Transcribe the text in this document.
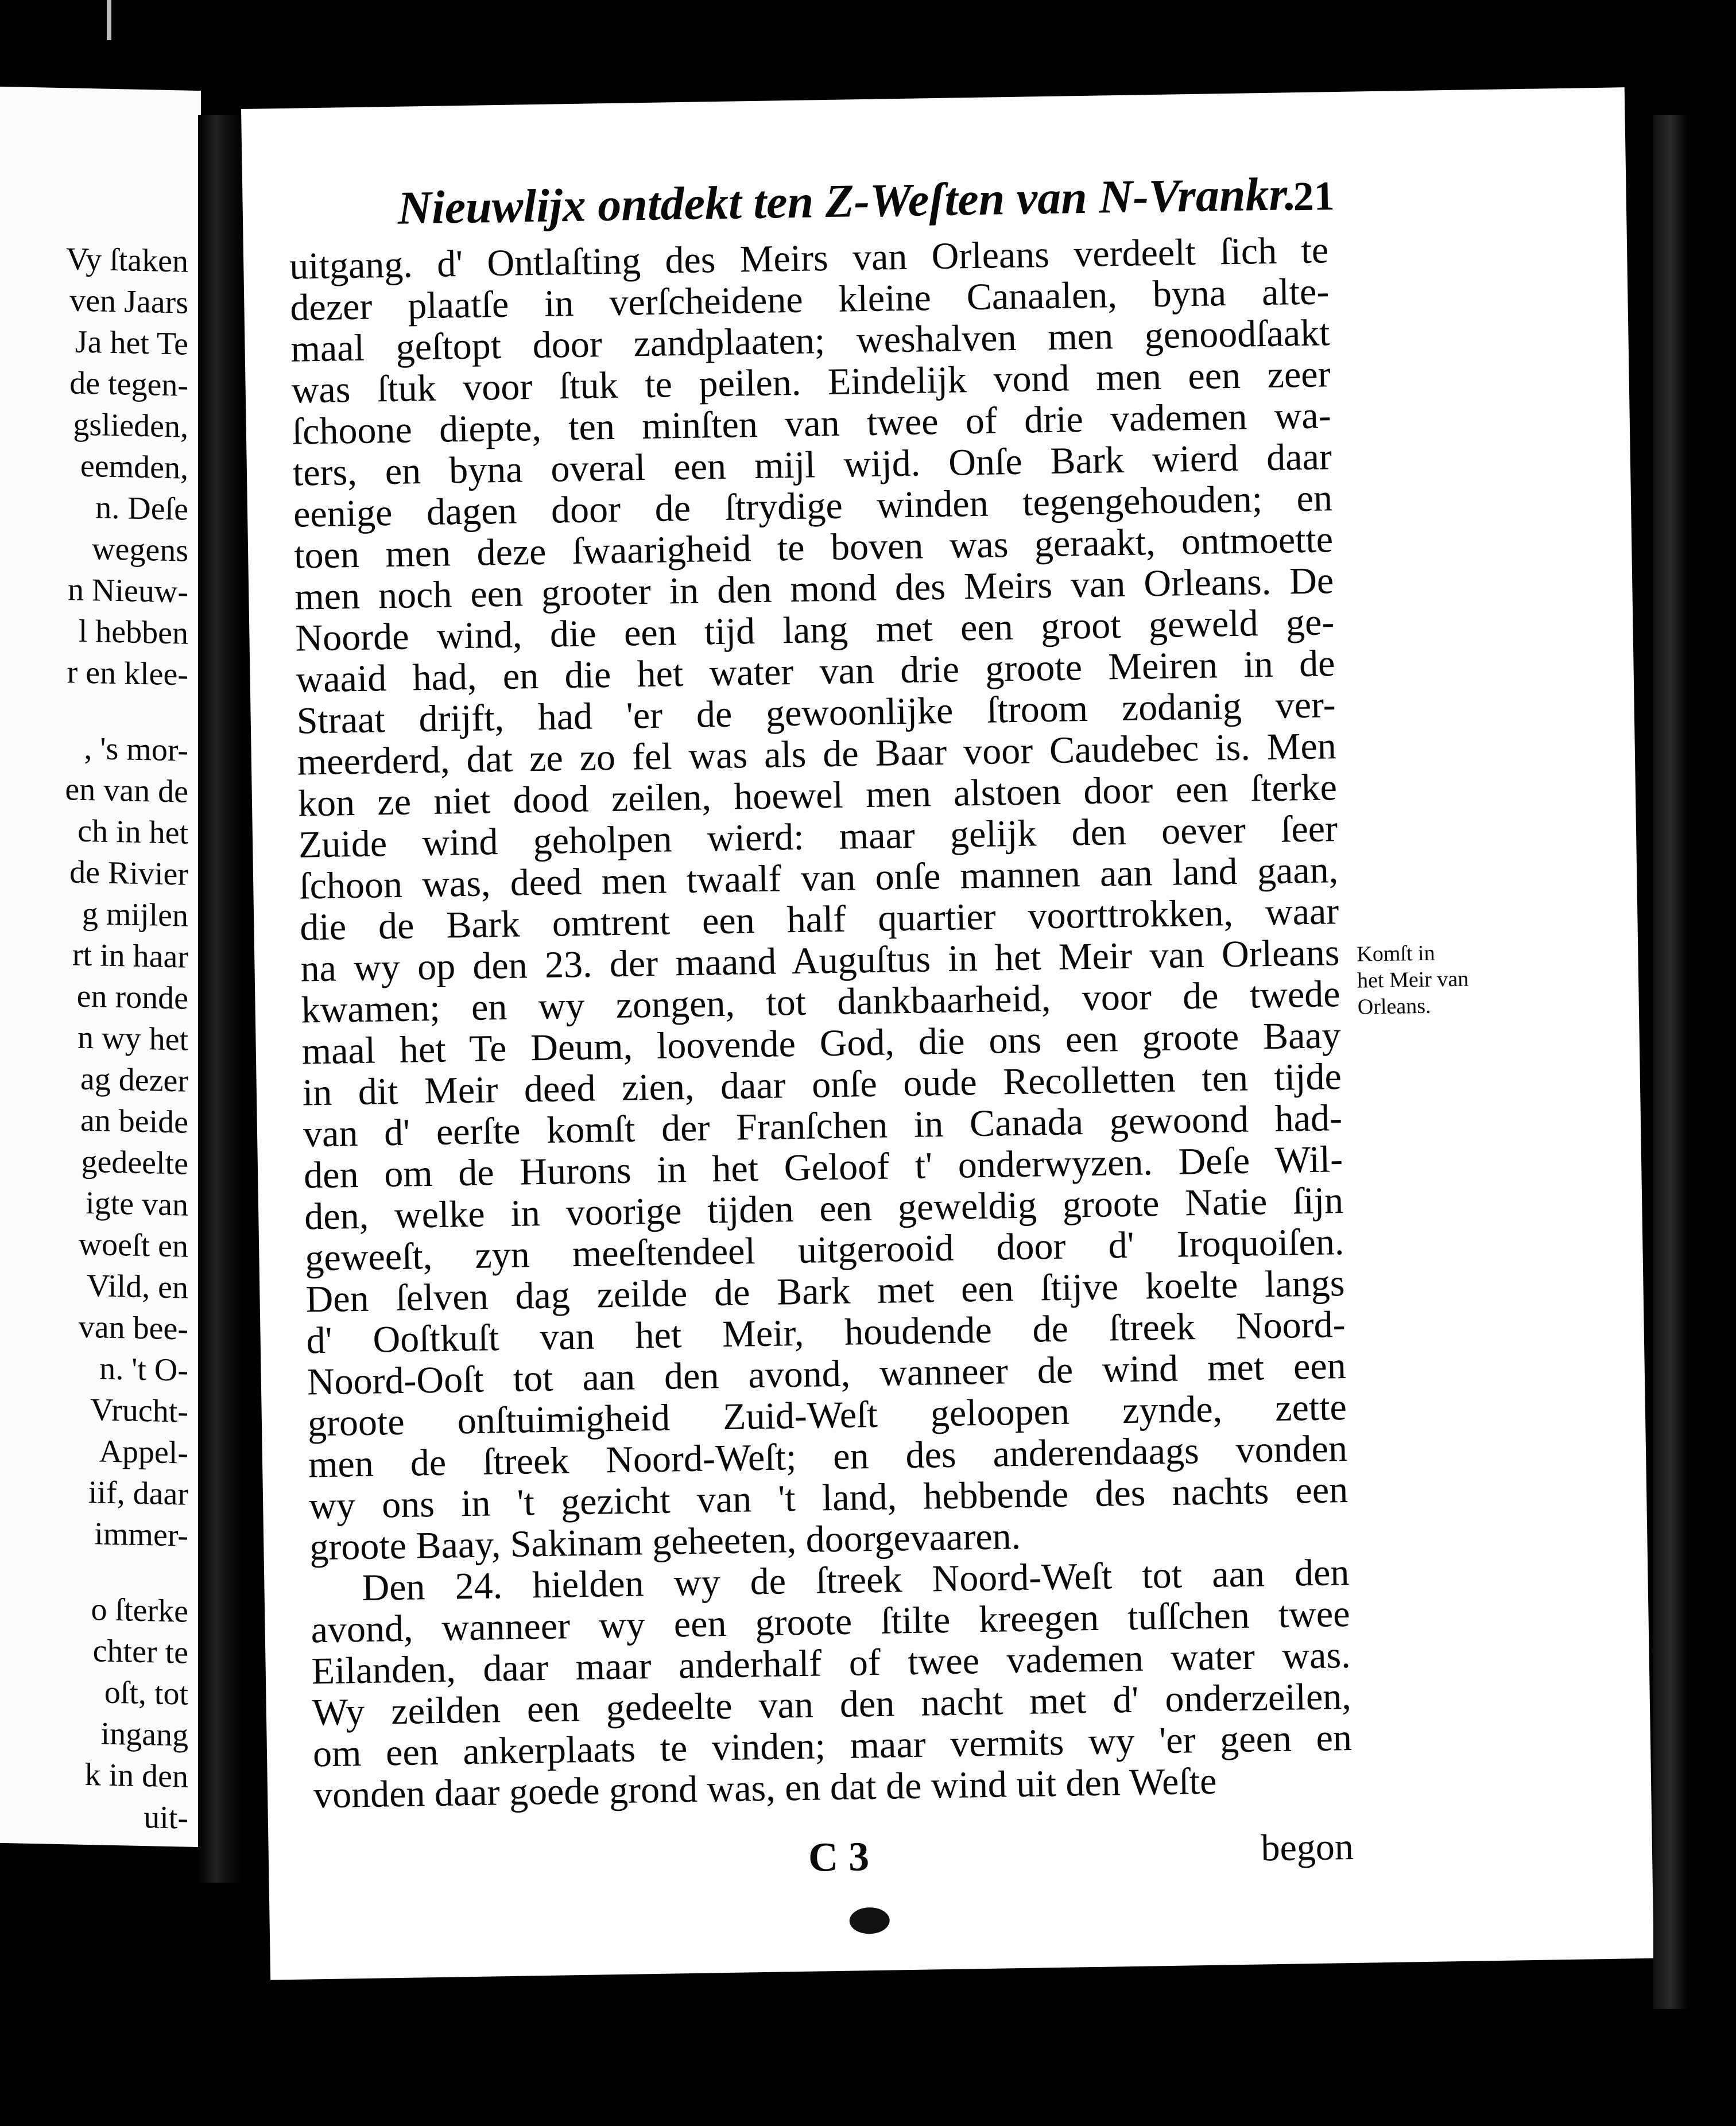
Vy ſtaken
ven Jaars
Ja het Te
de tegen-
gslieden,
eemden,
n. Deſe
wegens
n Nieuw-
l hebben
r en klee-
, 's mor-
en van de
ch in het
de Rivier
g mijlen
rt in haar
en ronde
n wy het
ag dezer
an beide
gedeelte
igte van
woeſt en
Vild, en
van bee-
n. 't O-
Vrucht-
Appel-
iif, daar
immer-
o ſterke
chter te
oſt, tot
ingang
k in den
uit-
Nieuwlijx ontdekt ten Z-Weſten van N-Vrankr.
21
uitgang. d' Ontlaſting des Meirs van Orleans verdeelt ſich te
dezer plaatſe in verſcheidene kleine Canaalen, byna alte-
maal geſtopt door zandplaaten; weshalven men genoodſaakt
was ſtuk voor ſtuk te peilen. Eindelijk vond men een zeer
ſchoone diepte, ten minſten van twee of drie vademen wa-
ters, en byna overal een mijl wijd. Onſe Bark wierd daar
eenige dagen door de ſtrydige winden tegengehouden; en
toen men deze ſwaarigheid te boven was geraakt, ontmoette
men noch een grooter in den mond des Meirs van Orleans. De
Noorde wind, die een tijd lang met een groot geweld ge-
waaid had, en die het water van drie groote Meiren in de
Straat drijft, had 'er de gewoonlijke ſtroom zodanig ver-
meerderd, dat ze zo fel was als de Baar voor Caudebec is. Men
kon ze niet dood zeilen, hoewel men alstoen door een ſterke
Zuide wind geholpen wierd: maar gelijk den oever ſeer
ſchoon was, deed men twaalf van onſe mannen aan land gaan,
die de Bark omtrent een half quartier voorttrokken, waar
na wy op den 23. der maand Auguſtus in het Meir van Orleans
kwamen; en wy zongen, tot dankbaarheid, voor de twede
maal het Te Deum, loovende God, die ons een groote Baay
in dit Meir deed zien, daar onſe oude Recolletten ten tijde
van d' eerſte komſt der Franſchen in Canada gewoond had-
den om de Hurons in het Geloof t' onderwyzen. Deſe Wil-
den, welke in voorige tijden een geweldig groote Natie ſijn
geweeſt, zyn meeſtendeel uitgerooid door d' Iroquoiſen.
Den ſelven dag zeilde de Bark met een ſtijve koelte langs
d' Ooſtkuſt van het Meir, houdende de ſtreek Noord-
Noord-Ooſt tot aan den avond, wanneer de wind met een
groote onſtuimigheid Zuid-Weſt geloopen zynde, zette
men de ſtreek Noord-Weſt; en des anderendaags vonden
wy ons in 't gezicht van 't land, hebbende des nachts een
groote Baay, Sakinam geheeten, doorgevaaren.
Den 24. hielden wy de ſtreek Noord-Weſt tot aan den
avond, wanneer wy een groote ſtilte kreegen tuſſchen twee
Eilanden, daar maar anderhalf of twee vademen water was.
Wy zeilden een gedeelte van den nacht met d' onderzeilen,
om een ankerplaats te vinden; maar vermits wy 'er geen en
vonden daar goede grond was, en dat de wind uit den Weſte
Komſt in
het Meir van
Orleans.
C 3	begon
